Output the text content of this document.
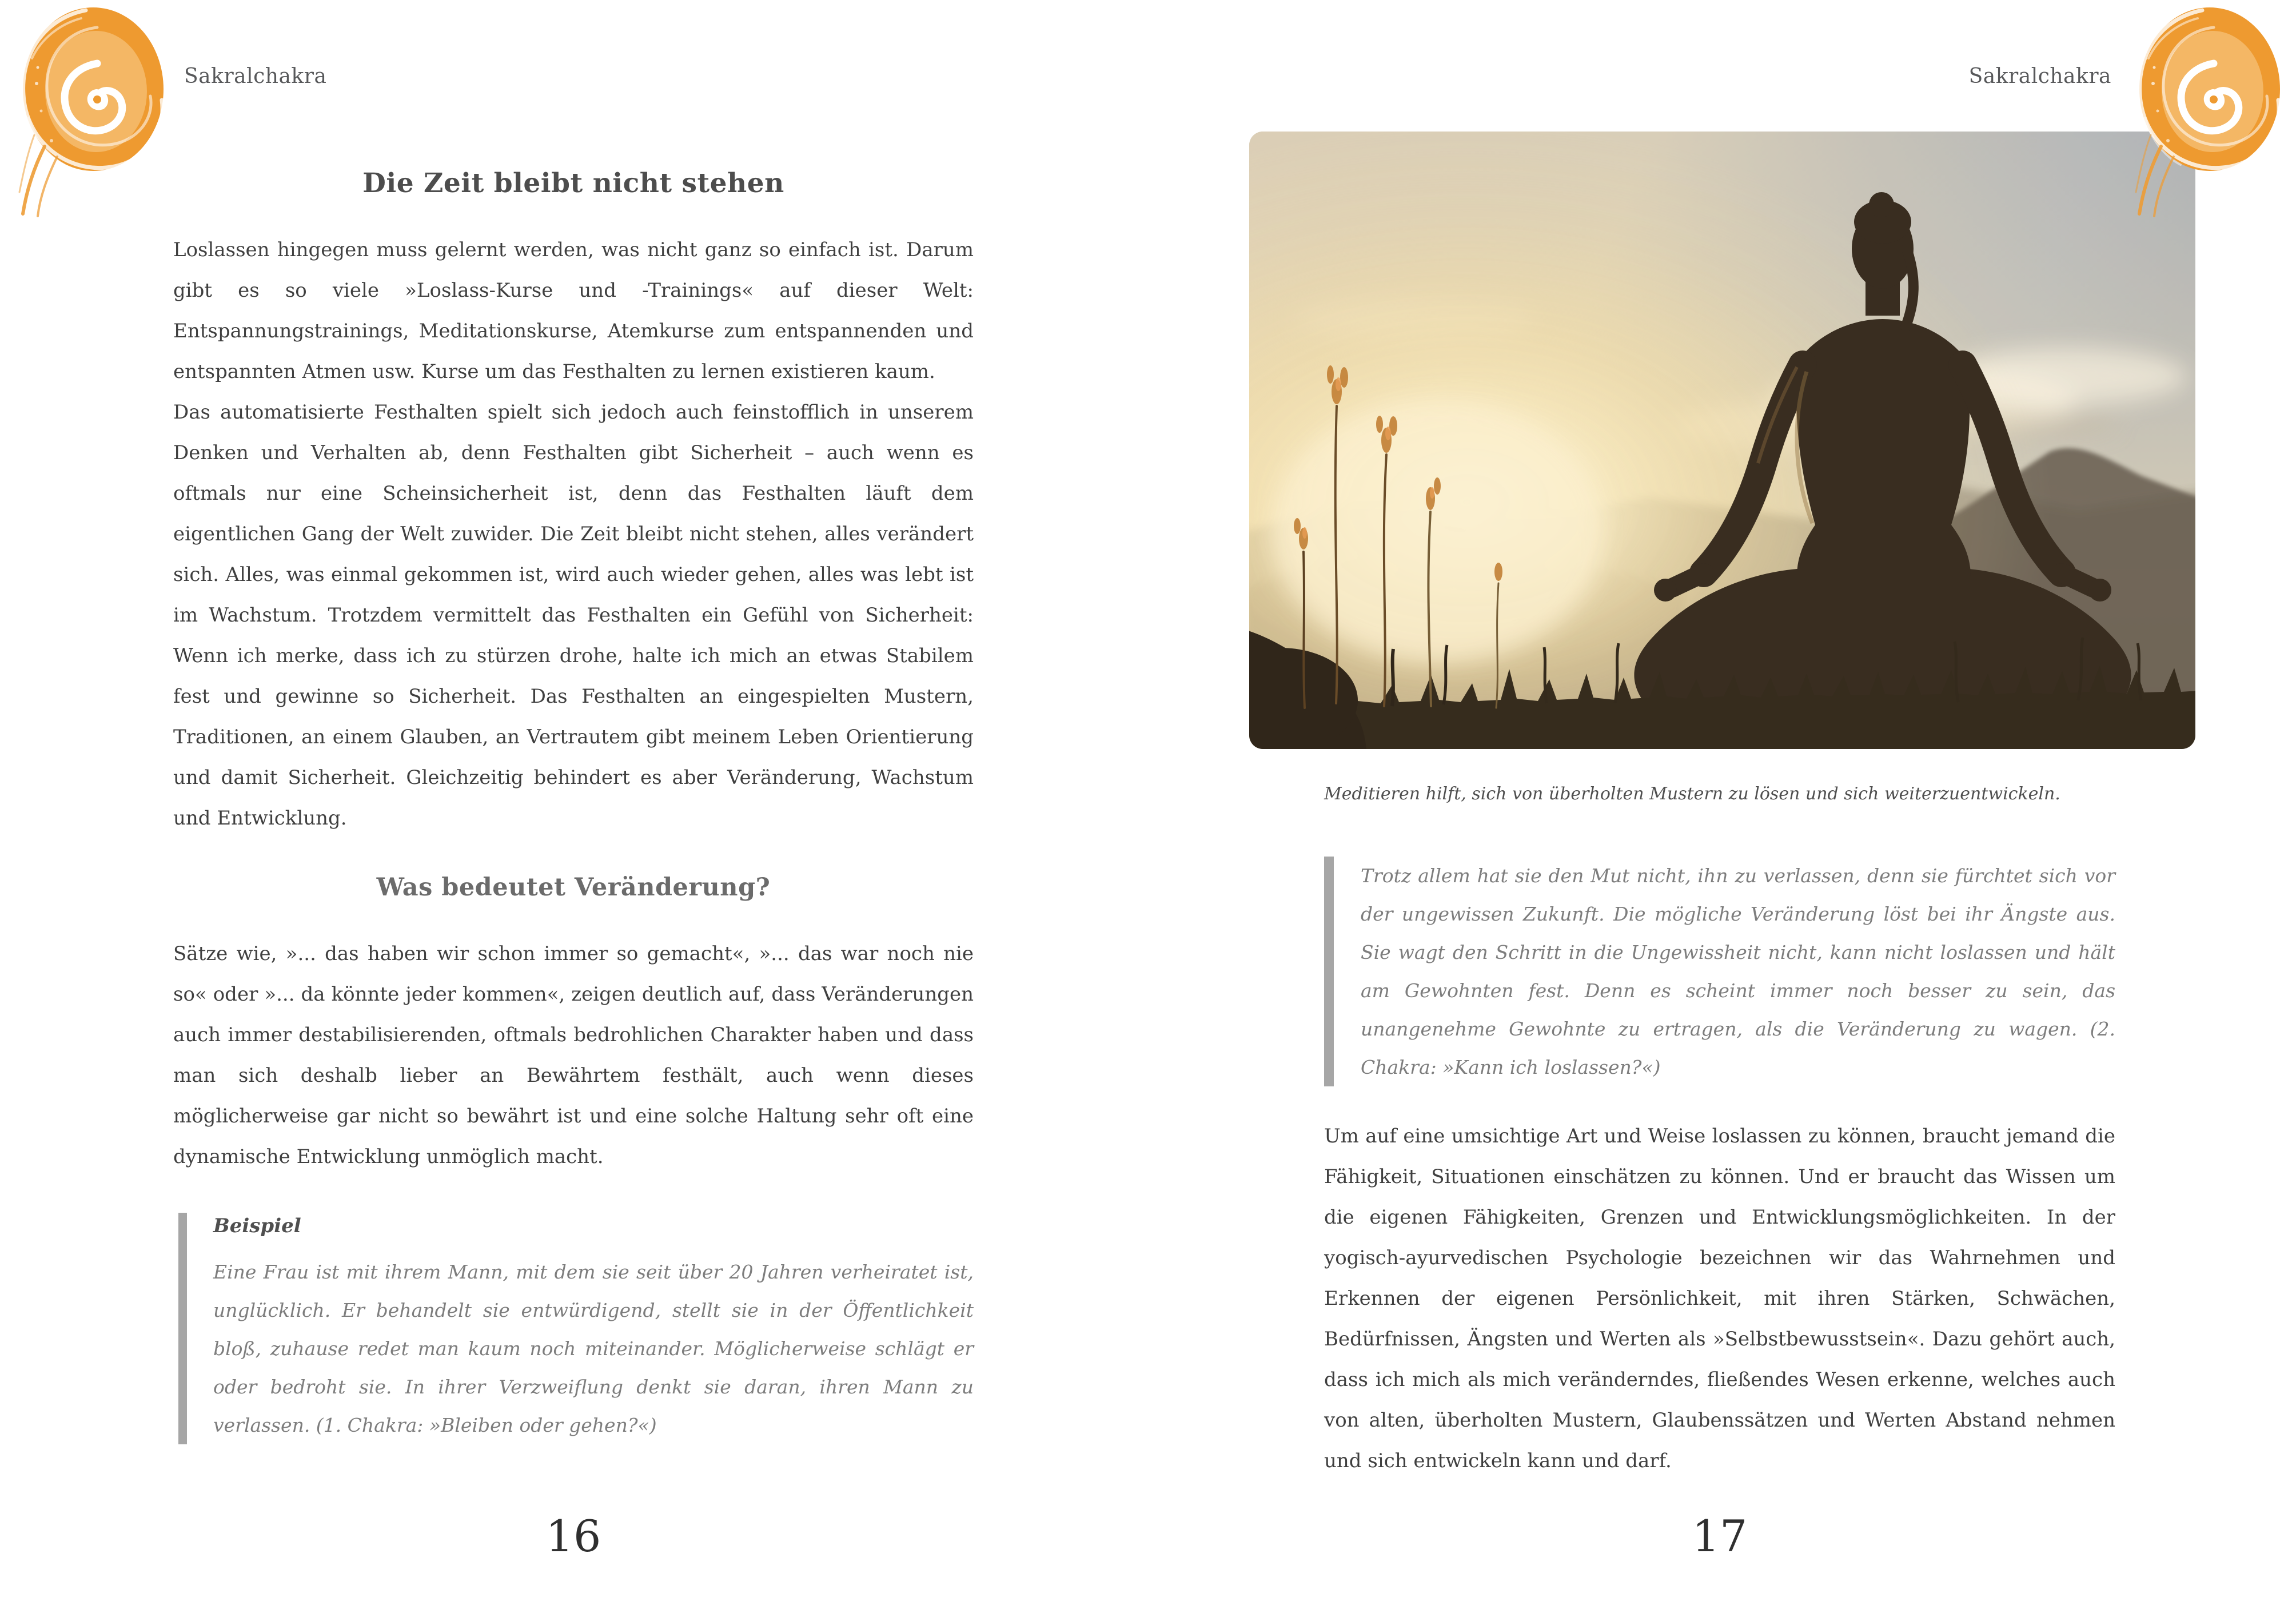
Sakralchakra
Die Zeit bleibt nicht stehen

Loslassen hingegen muss gelernt werden, was nicht ganz so einfach ist. Darum gibt es so viele »Loslass-Kurse und -Trainings« auf dieser Welt: Entspannungstrainings, Meditationskurse, Atemkurse zum entspannenden und entspannten Atmen usw. Kurse um das Festhalten zu lernen existieren kaum.

Das automatisierte Festhalten spielt sich jedoch auch feinstofflich in unserem Denken und Verhalten ab, denn Festhalten gibt Sicherheit – auch wenn es oftmals nur eine Scheinsicherheit ist, denn das Festhalten läuft dem eigentlichen Gang der Welt zuwider. Die Zeit bleibt nicht stehen, alles verändert sich. Alles, was einmal gekommen ist, wird auch wieder gehen, alles was lebt ist im Wachstum. Trotzdem vermittelt das Festhalten ein Gefühl von Sicherheit: Wenn ich merke, dass ich zu stürzen drohe, halte ich mich an etwas Stabilem fest und gewinne so Sicherheit. Das Festhalten an eingespielten Mustern, Traditionen, an einem Glauben, an Vertrautem gibt meinem Leben Orientierung und damit Sicherheit. Gleichzeitig behindert es aber Veränderung, Wachstum und Entwicklung.

Was bedeutet Veränderung?

Sätze wie, »... das haben wir schon immer so gemacht«, »... das war noch nie so« oder »... da könnte jeder kommen«, zeigen deutlich auf, dass Veränderungen auch immer destabilisierenden, oftmals bedrohlichen Charakter haben und dass man sich deshalb lieber an Bewährtem festhält, auch wenn dieses möglicherweise gar nicht so bewährt ist und eine solche Haltung sehr oft eine dynamische Entwicklung unmöglich macht.

Beispiel

Eine Frau ist mit ihrem Mann, mit dem sie seit über 20 Jahren verheiratet ist, unglücklich. Er behandelt sie entwürdigend, stellt sie in der Öffentlichkeit bloß, zuhause redet man kaum noch miteinander. Möglicherweise schlägt er oder bedroht sie. In ihrer Verzweiflung denkt sie daran, ihren Mann zu verlassen. (1. Chakra: »Bleiben oder gehen?«)

16
Sakralchakra
Meditieren hilft, sich von überholten Mustern zu lösen und sich weiterzuentwickeln.

Trotz allem hat sie den Mut nicht, ihn zu verlassen, denn sie fürchtet sich vor der ungewissen Zukunft. Die mögliche Veränderung löst bei ihr Ängste aus. Sie wagt den Schritt in die Ungewissheit nicht, kann nicht loslassen und hält am Gewohnten fest. Denn es scheint immer noch besser zu sein, das unangenehme Gewohnte zu ertragen, als die Veränderung zu wagen. (2. Chakra: »Kann ich loslassen?«)

Um auf eine umsichtige Art und Weise loslassen zu können, braucht jemand die Fähigkeit, Situationen einschätzen zu können. Und er braucht das Wissen um die eigenen Fähigkeiten, Grenzen und Entwicklungsmöglichkeiten. In der yogisch-ayurvedischen Psychologie bezeichnen wir das Wahrnehmen und Erkennen der eigenen Persönlichkeit, mit ihren Stärken, Schwächen, Bedürfnissen, Ängsten und Werten als »Selbstbewusstsein«. Dazu gehört auch, dass ich mich als mich veränderndes, fließendes Wesen erkenne, welches auch von alten, überholten Mustern, Glaubenssätzen und Werten Abstand nehmen und sich entwickeln kann und darf.

17
